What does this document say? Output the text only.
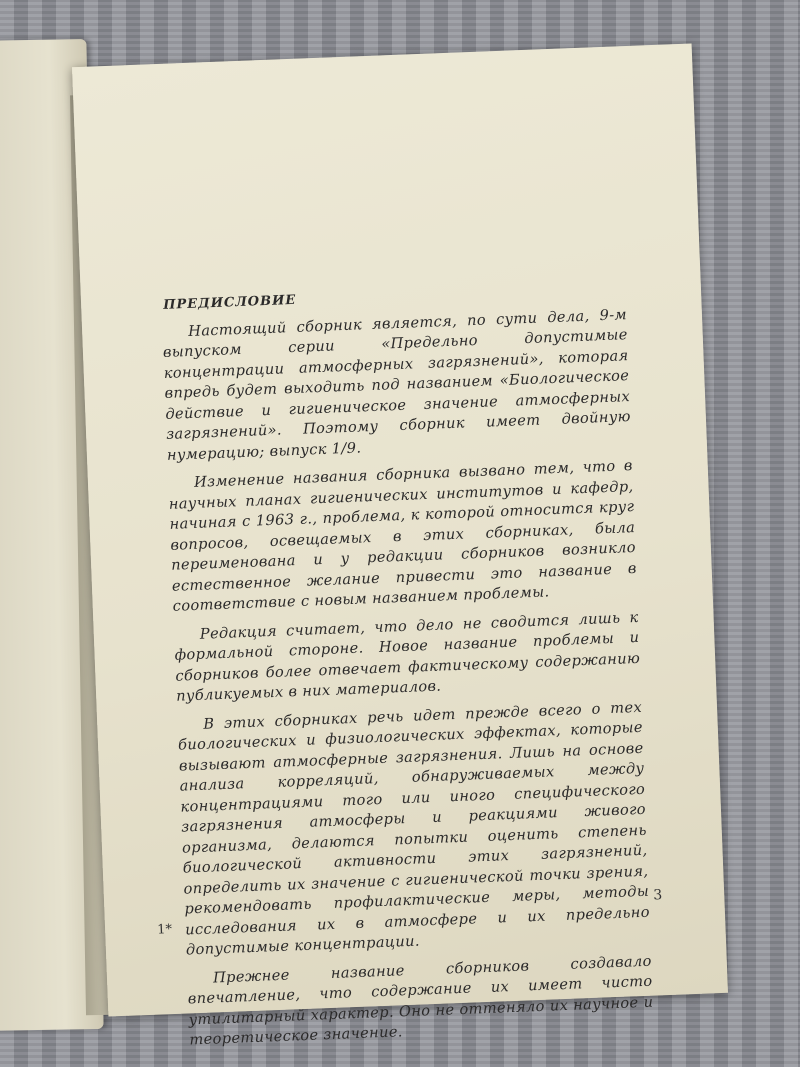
ПРЕДИСЛОВИЕ

Настоящий сборник является, по сути дела, 9-м выпуском серии «Предельно допустимые концентрации атмосферных загрязнений», которая впредь будет выходить под названием «Биологическое действие и гигиеническое значение атмосферных загрязнений». Поэтому сборник имеет двойную нумерацию; выпуск 1/9.

Изменение названия сборника вызвано тем, что в научных планах гигиенических институтов и кафедр, начиная с 1963 г., проблема, к которой относится круг вопросов, освещаемых в этих сборниках, была переименована и у редакции сборников возникло естественное желание привести это название в соответствие с новым названием проблемы.

Редакция считает, что дело не сводится лишь к формальной стороне. Новое название проблемы и сборников более отвечает фактическому содержанию публикуемых в них материалов.

В этих сборниках речь идет прежде всего о тех биологических и физиологических эффектах, которые вызывают атмосферные загрязнения. Лишь на основе анализа корреляций, обнаруживаемых между концентрациями того или иного специфического загрязнения атмосферы и реакциями живого организма, делаются попытки оценить степень биологической активности этих загрязнений, определить их значение с гигиенической точки зрения, рекомендовать профилактические меры, методы исследования их в атмосфере и их предельно допустимые концентрации.

Прежнее название сборников создавало впечатление, что содержание их имеет чисто утилитарный характер. Оно не оттеняло их научное и теоретическое значение.

1*
3
